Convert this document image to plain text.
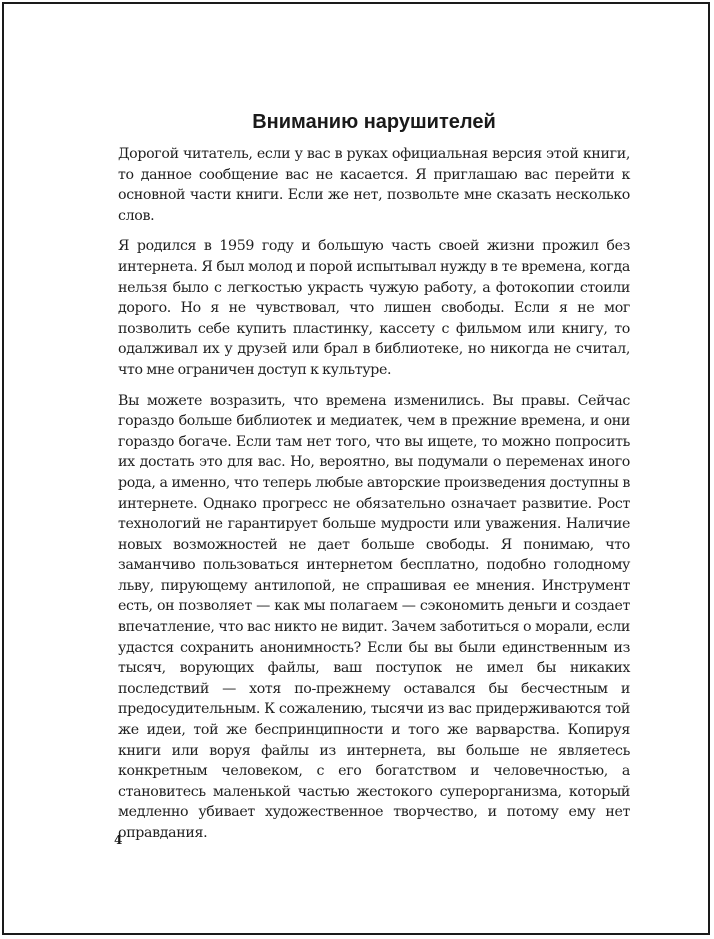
Вниманию нарушителей

Дорогой читатель, если у вас в руках официальная версия этой книги, то данное сообщение вас не касается. Я приглашаю вас перейти к основной части книги. Если же нет, позвольте мне сказать несколько слов.

Я родился в 1959 году и большую часть своей жизни прожил без интернета. Я был молод и порой испытывал нужду в те времена, когда нельзя было с легкостью украсть чужую работу, а фотокопии стоили дорого. Но я не чувствовал, что лишен свободы. Если я не мог позволить себе купить пластинку, кассету с фильмом или книгу, то одалживал их у друзей или брал в библиотеке, но никогда не считал, что мне ограничен доступ к культуре.

Вы можете возразить, что времена изменились. Вы правы. Сейчас гораздо больше библиотек и медиатек, чем в прежние времена, и они гораздо богаче. Если там нет того, что вы ищете, то можно попросить их достать это для вас. Но, вероятно, вы подумали о переменах иного рода, а именно, что теперь любые авторские произведения доступны в интернете. Однако прогресс не обязательно означает развитие. Рост технологий не гарантирует больше мудрости или уважения. Наличие новых возможностей не дает больше свободы. Я понимаю, что заманчиво пользоваться интернетом бесплатно, подобно голодному льву, пирующему антилопой, не спрашивая ее мнения. Инструмент есть, он позволяет — как мы полагаем — сэкономить деньги и создает впечатление, что вас никто не видит. Зачем заботиться о морали, если удастся сохранить анонимность? Если бы вы были единственным из тысяч, ворующих файлы, ваш поступок не имел бы никаких последствий — хотя по-прежнему оставался бы бесчестным и предосудительным. К сожалению, тысячи из вас придерживаются той же идеи, той же беспринципности и того же варварства. Копируя книги или воруя файлы из интернета, вы больше не являетесь конкретным человеком, с его богатством и человечностью, а становитесь маленькой частью жестокого суперорганизма, который медленно убивает художественное творчество, и потому ему нет оправдания.

4
